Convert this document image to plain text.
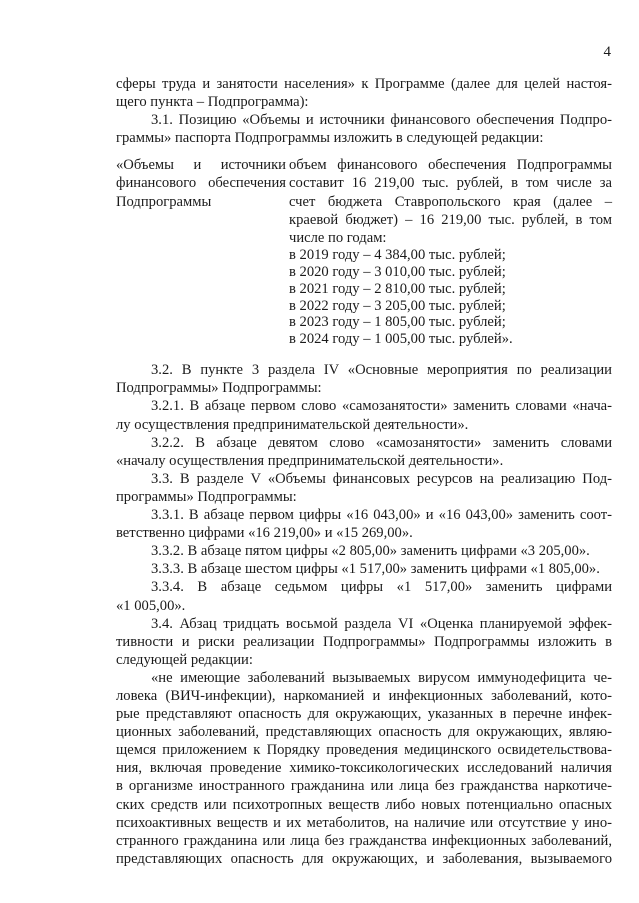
4

сферы труда и занятости населения» к Программе (далее для целей настоя-

щего пункта – Подпрограмма):

3.1. Позицию «Объемы и источники финансового обеспечения Подпро-

граммы» паспорта Подпрограммы изложить в следующей редакции:

«Объемы и источники

финансового обеспечения

Подпрограммы

объем финансового обеспечения Подпрограммы

составит 16 219,00 тыс. рублей, в том числе за

счет бюджета Ставропольского края (далее –

краевой бюджет) – 16 219,00 тыс. рублей, в том

числе по годам:

в 2019 году – 4 384,00 тыс. рублей;

в 2020 году – 3 010,00 тыс. рублей;

в 2021 году – 2 810,00 тыс. рублей;

в 2022 году – 3 205,00 тыс. рублей;

в 2023 году – 1 805,00 тыс. рублей;

в 2024 году – 1 005,00 тыс. рублей».

3.2. В пункте 3 раздела IV «Основные мероприятия по реализации

Подпрограммы» Подпрограммы:

3.2.1. В абзаце первом слово «самозанятости» заменить словами «нача-

лу осуществления предпринимательской деятельности».

3.2.2. В абзаце девятом слово «самозанятости» заменить словами

«началу осуществления предпринимательской деятельности».

3.3. В разделе V «Объемы финансовых ресурсов на реализацию Под-

программы» Подпрограммы:

3.3.1. В абзаце первом цифры «16 043,00» и «16 043,00» заменить соот-

ветственно цифрами «16 219,00» и «15 269,00».

3.3.2. В абзаце пятом цифры «2 805,00» заменить цифрами «3 205,00».

3.3.3. В абзаце шестом цифры «1 517,00» заменить цифрами «1 805,00».

3.3.4. В абзаце седьмом цифры «1 517,00» заменить цифрами

«1 005,00».

3.4. Абзац тридцать восьмой раздела VI «Оценка планируемой эффек-

тивности и риски реализации Подпрограммы» Подпрограммы изложить в

следующей редакции:

«не имеющие заболеваний вызываемых вирусом иммунодефицита че-

ловека (ВИЧ-инфекции), наркоманией и инфекционных заболеваний, кото-

рые представляют опасность для окружающих, указанных в перечне инфек-

ционных заболеваний, представляющих опасность для окружающих, являю-

щемся приложением к Порядку проведения медицинского освидетельствова-

ния, включая проведение химико-токсикологических исследований наличия

в организме иностранного гражданина или лица без гражданства наркотиче-

ских средств или психотропных веществ либо новых потенциально опасных

психоактивных веществ и их метаболитов, на наличие или отсутствие у ино-

странного гражданина или лица без гражданства инфекционных заболеваний,

представляющих опасность для окружающих, и заболевания, вызываемого
